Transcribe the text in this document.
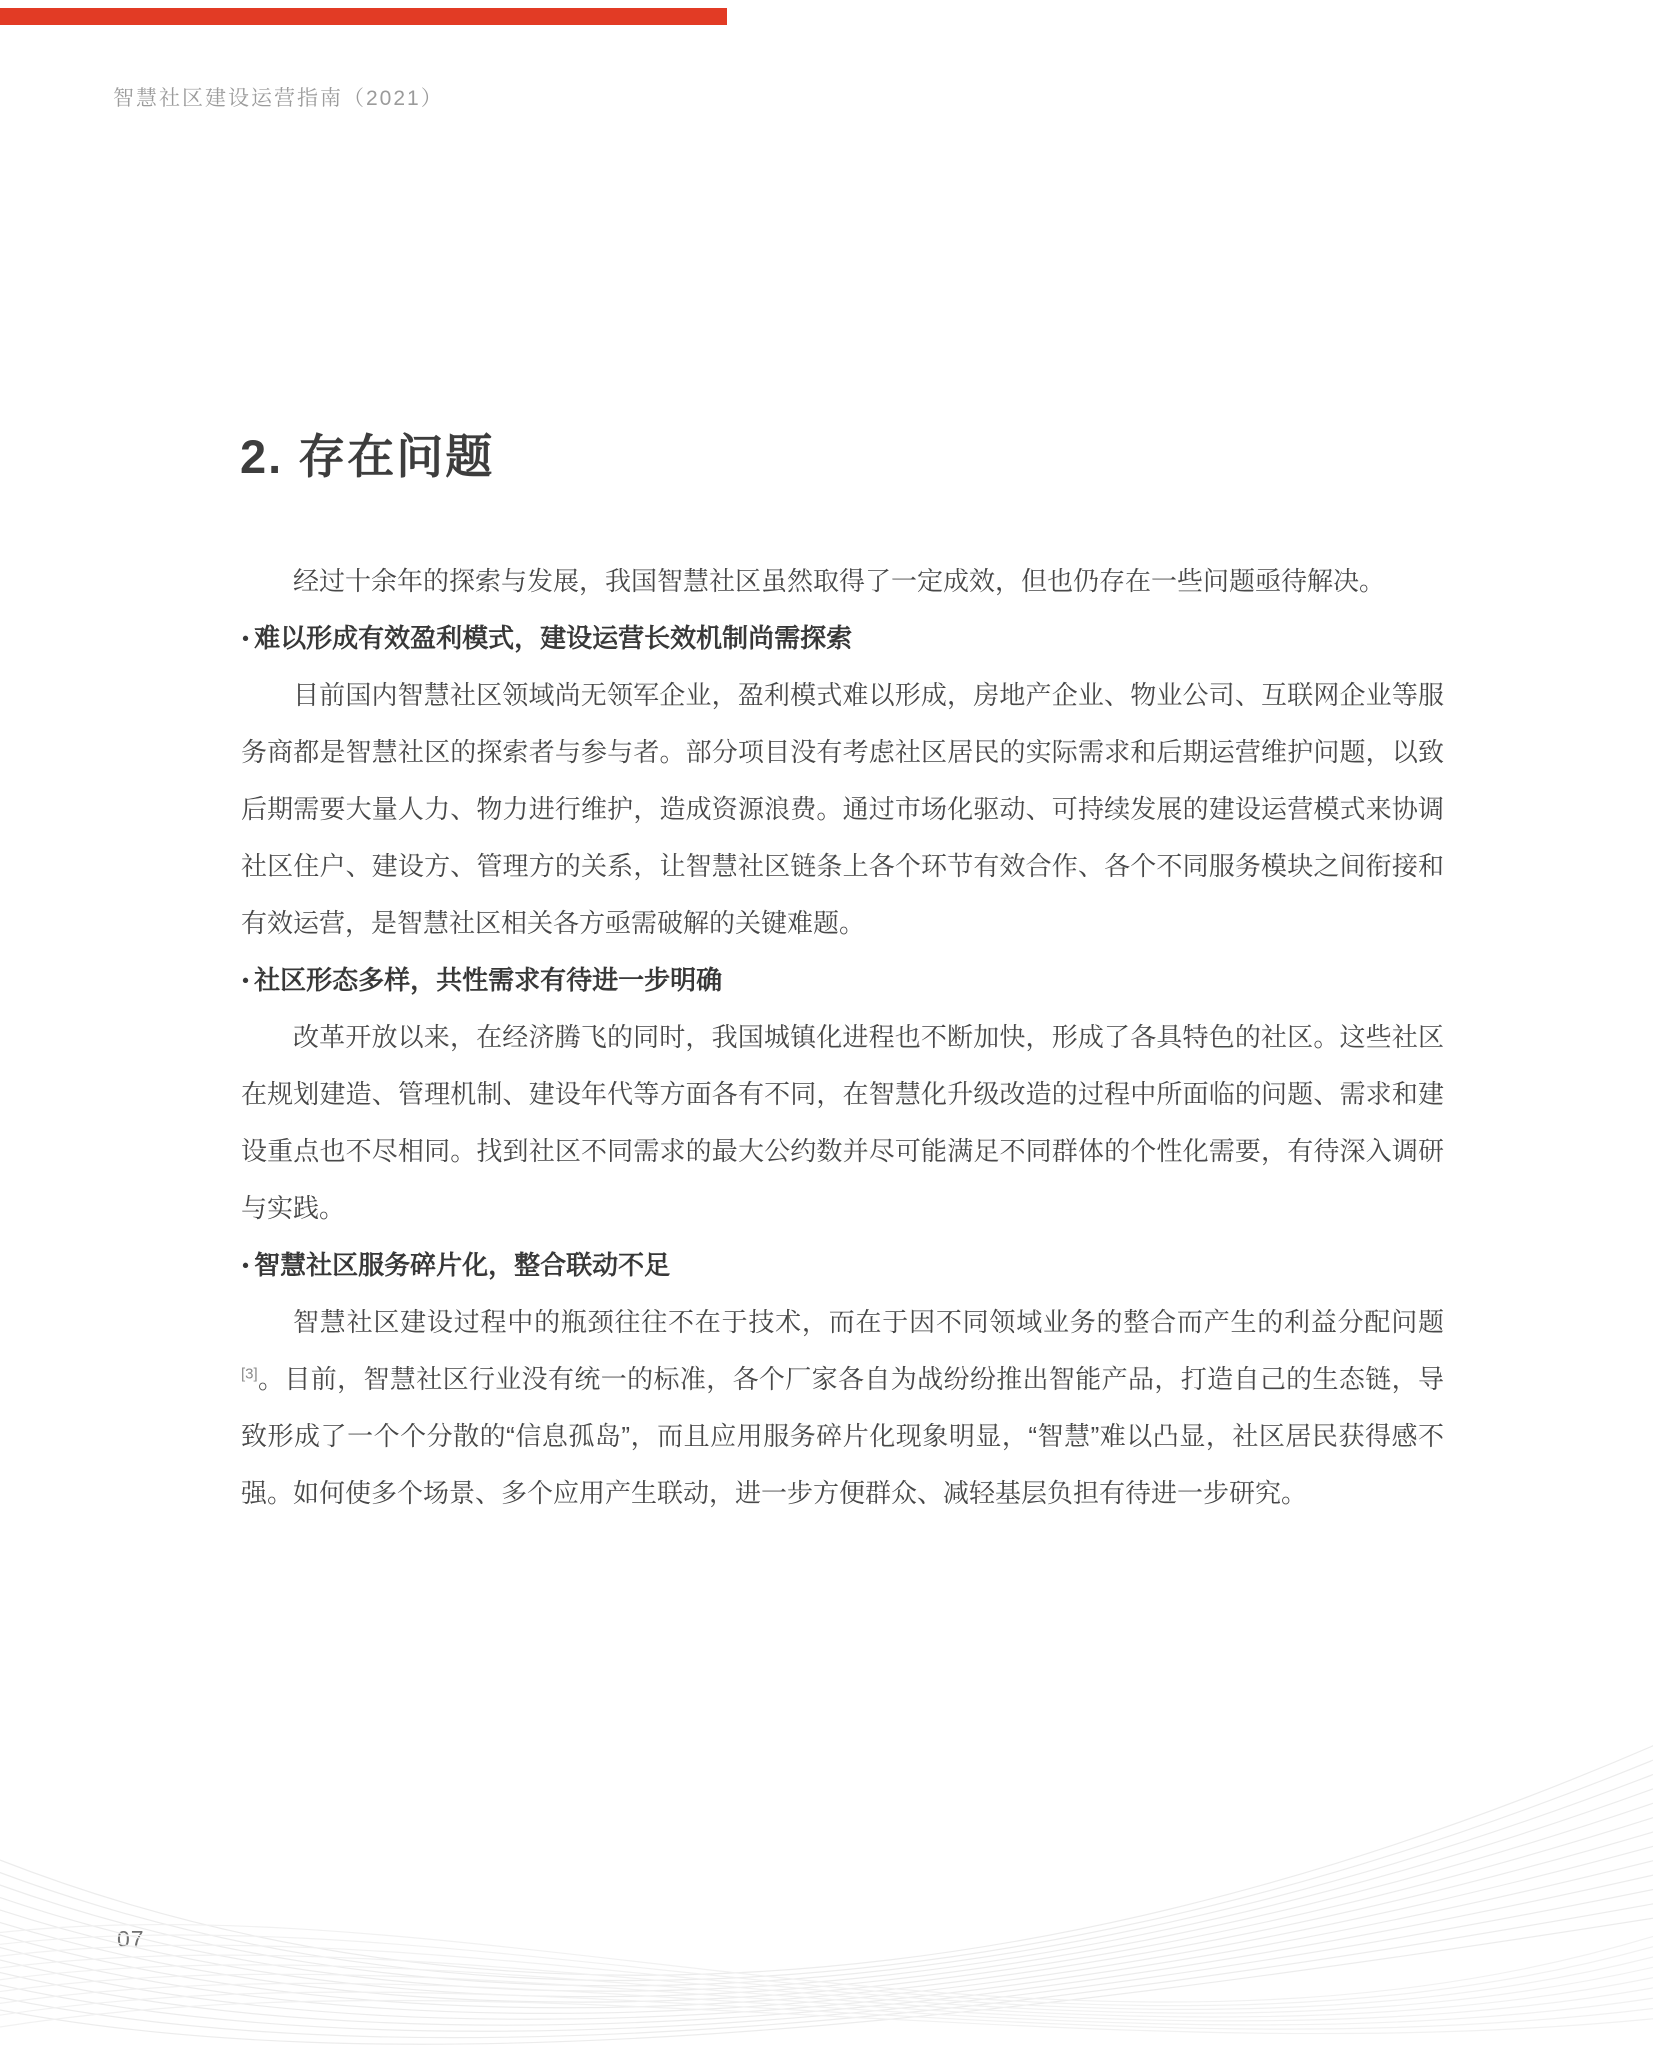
智慧社区建设运营指南（2021）
2. 存在问题

经过十余年的探索与发展，我国智慧社区虽然取得了一定成效，但也仍存在一些问题亟待解决。

• 难以形成有效盈利模式，建设运营长效机制尚需探索

目前国内智慧社区领域尚无领军企业，盈利模式难以形成，房地产企业、物业公司、互联网企业等服务商都是智慧社区的探索者与参与者。部分项目没有考虑社区居民的实际需求和后期运营维护问题，以致后期需要大量人力、物力进行维护，造成资源浪费。通过市场化驱动、可持续发展的建设运营模式来协调社区住户、建设方、管理方的关系，让智慧社区链条上各个环节有效合作、各个不同服务模块之间衔接和有效运营，是智慧社区相关各方亟需破解的关键难题。

• 社区形态多样，共性需求有待进一步明确

改革开放以来，在经济腾飞的同时，我国城镇化进程也不断加快，形成了各具特色的社区。这些社区在规划建造、管理机制、建设年代等方面各有不同，在智慧化升级改造的过程中所面临的问题、需求和建设重点也不尽相同。找到社区不同需求的最大公约数并尽可能满足不同群体的个性化需要，有待深入调研与实践。

• 智慧社区服务碎片化，整合联动不足

智慧社区建设过程中的瓶颈往往不在于技术，而在于因不同领域业务的整合而产生的利益分配问题[3]。目前，智慧社区行业没有统一的标准，各个厂家各自为战纷纷推出智能产品，打造自己的生态链，导致形成了一个个分散的“信息孤岛”，而且应用服务碎片化现象明显，“智慧”难以凸显，社区居民获得感不强。如何使多个场景、多个应用产生联动，进一步方便群众、减轻基层负担有待进一步研究。

07
